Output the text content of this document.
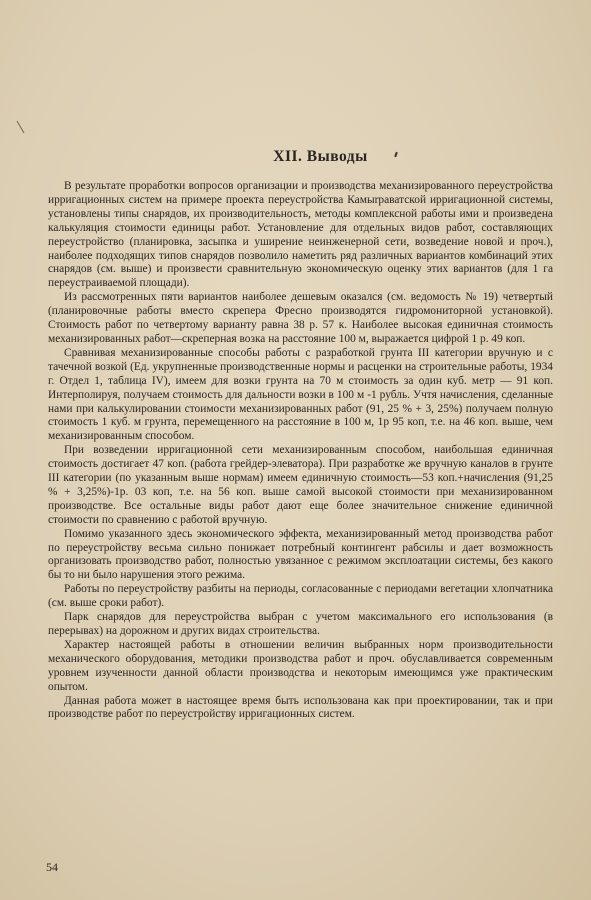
XII. Выводы

В результате проработки вопросов организации и производства механизированного переустройства ирригационных систем на примере проекта переустройства Камыrраватской ирригационной системы, установлены типы снарядов, их производительность, методы комплексной работы ими и произведена калькуляция стоимости единицы работ. Установление для отдельных видов работ, составляющих переустройство (планировка, засыпка и уширение неинженерной сети, возведение новой и проч.), наиболее подходящих типов снарядов позволило наметить ряд различных вариантов комбинаций этих снарядов (см. выше) и произвести сравнительную экономическую оценку этих вариантов (для 1 га переустраиваемой площади).

Из рассмотренных пяти вариантов наиболее дешевым оказался (см. ведомость № 19) четвертый (планировочные работы вместо скрепера Фресно производятся гидромониторной установкой). Стоимость работ по четвертому варианту равна 38 р. 57 к. Наиболее высокая единичная стоимость механизированных работ—скреперная возка на расстояние 100 м, выражается цифрой 1 р. 49 коп.

Сравнивая механизированные способы работы с разработкой грунта III категории вручную и с тачечной возкой (Ед. укрупненные производственные нормы и расценки на строительные работы, 1934 г. Отдел 1, таблица IV), имеем для возки грунта на 70 м стоимость за один куб. метр — 91 коп. Интерполируя, получаем стоимость для дальности возки в 100 м -1 рубль. Учтя начисления, сделанные нами при калькулировании стоимости механизированных работ (91, 25 % + 3, 25%) получаем полную стоимость 1 куб. м грунта, перемещенного на расстояние в 100 м, 1р 95 коп, т.е. на 46 коп. выше, чем механизированным способом.

При возведении ирригационной сети механизированным способом, наибольшая единичная стоимость достигает 47 коп. (работа грейдер-элеватора). При разработке же вручную каналов в грунте III категории (по указанным выше нормам) имеем единичную стоимость—53 коп.+начисления (91,25 % + 3,25%)-1р. 03 коп, т.е. на 56 коп. выше самой высокой стоимости при механизированном производстве. Все остальные виды работ дают еще более значительное снижение единичной стоимости по сравнению с работой вручную.

Помимо указанного здесь экономического эффекта, механизированный метод производства работ по переустройству весьма сильно понижает потребный контингент рабсилы и дает возможность организовать производство работ, полностью увязанное с режимом эксплоатации системы, без какого бы то ни было нарушения этого режима.

Работы по переустройству разбиты на периоды, согласованные с периодами вегетации хлопчатника (см. выше сроки работ).

Парк снарядов для переустройства выбран с учетом максимального его использования (в перерывах) на дорожном и других видах строительства.

Характер настоящей работы в отношении величин выбранных норм производительности механического оборудования, методики производства работ и проч. обуславливается современным уровнем изученности данной области производства и некоторым имеющимся уже практическим опытом.

Данная работа может в настоящее время быть использована как при проектировании, так и при производстве работ по переустройству ирригационных систем.

54
